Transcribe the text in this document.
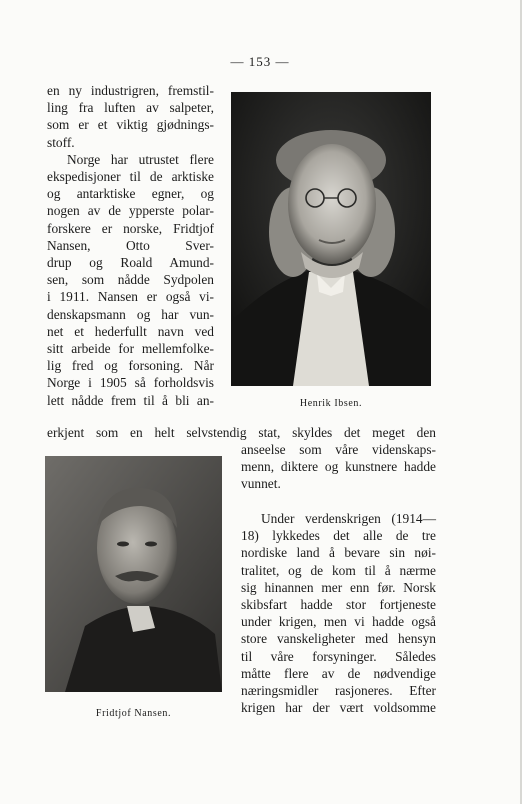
— 153 —
en ny industrigren, fremstil-
ling fra luften av salpeter,
som er et viktig gjødnings-
stoff.
Norge har utrustet flere
ekspedisjoner til de arktiske
og antarktiske egner, og
nogen av de ypperste polar-
forskere er norske, Fridtjof
Nansen, Otto Sver-
drup og Roald Amund-
sen, som nådde Sydpolen
i 1911. Nansen er også vi-
denskapsmann og har vun-
net et hederfullt navn ved
sitt arbeide for mellemfolke-
lig fred og forsoning. Når
Norge i 1905 så forholdsvis
lett nådde frem til å bli an-	Henrik Ibsen.
erkjent som en helt selvstendig stat, skyldes det meget den
anseelse som våre videnskaps-
menn, diktere og kunstnere hadde
vunnet.
Fridtjof Nansen.
Under verdenskrigen (1914—
18) lykkedes det alle de tre
nordiske land å bevare sin nøi-
tralitet, og de kom til å nærme
sig hinannen mer enn før. Norsk
skibsfart hadde stor fortjeneste
under krigen, men vi hadde også
store vanskeligheter med hensyn
til våre forsyninger. Således
måtte flere av de nødvendige
næringsmidler rasjoneres. Efter
krigen har der vært voldsomme
